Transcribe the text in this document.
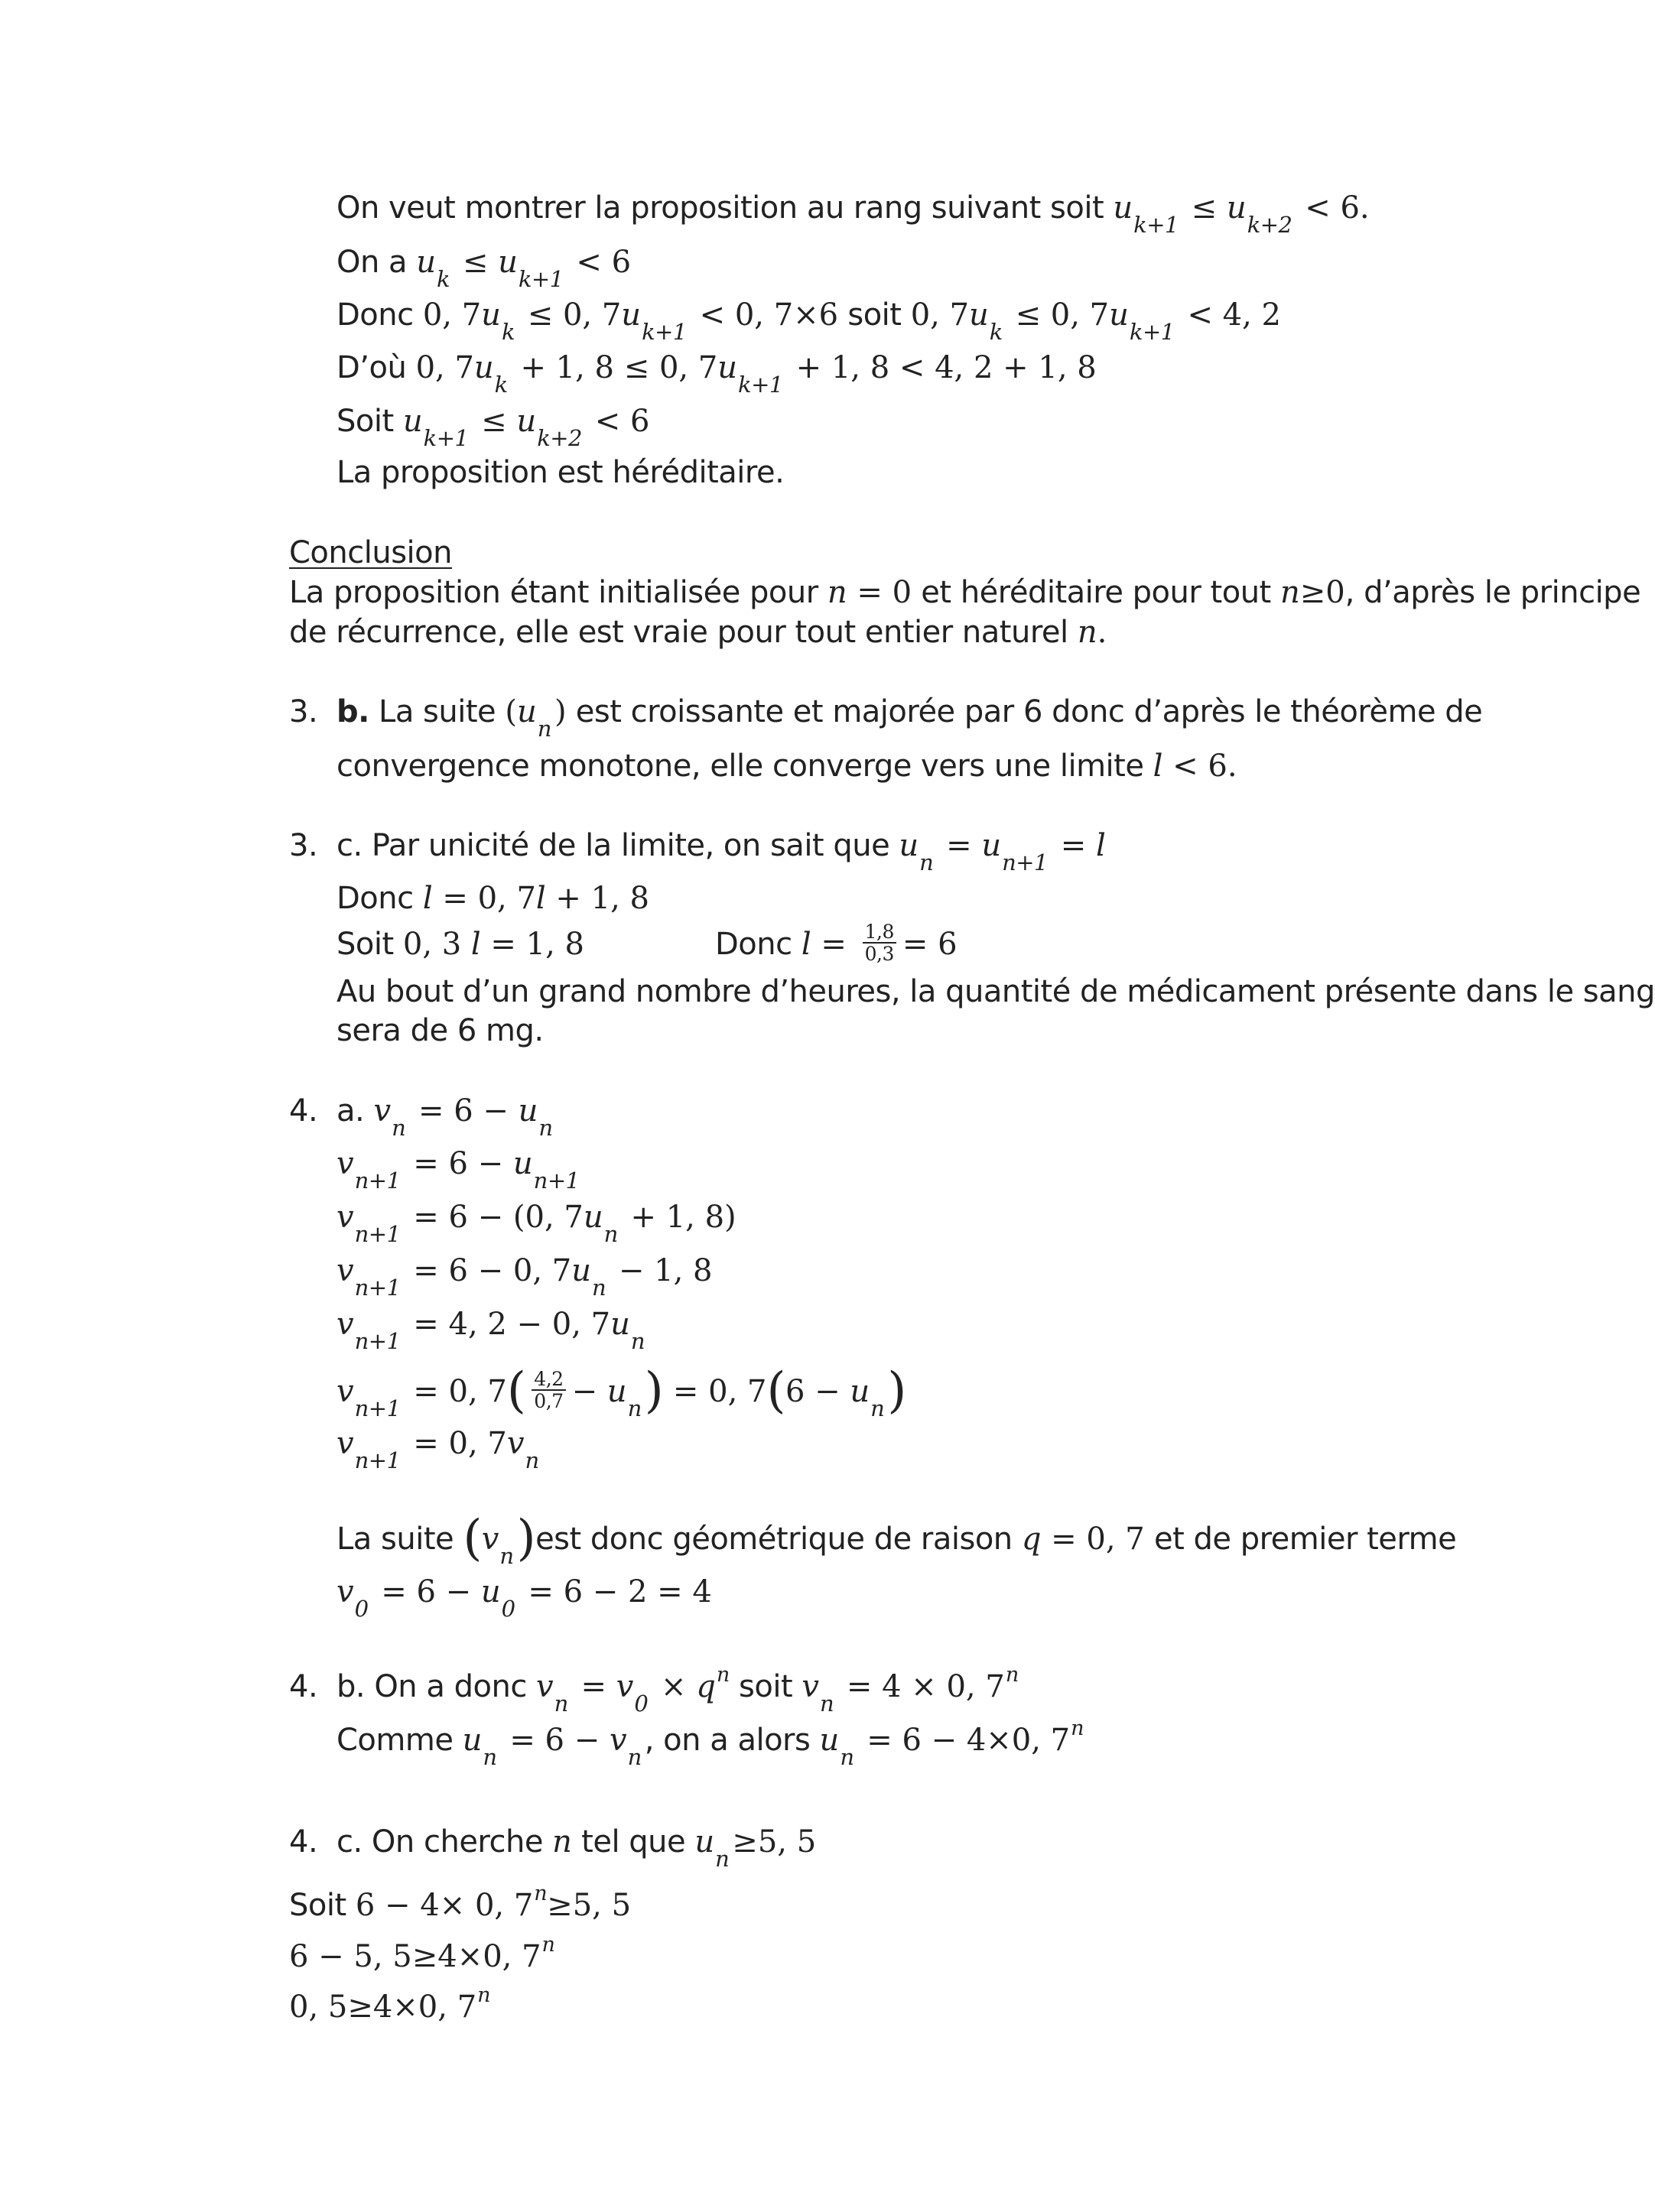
On veut montrer la proposition au rang suivant soit uk+1 ≤ uk+2 < 6.
On a uk ≤ uk+1 < 6
Donc 0, 7uk ≤ 0, 7uk+1 < 0, 7×6 soit 0, 7uk ≤ 0, 7uk+1 < 4, 2
D’où 0, 7uk + 1, 8 ≤ 0, 7uk+1 + 1, 8 < 4, 2 + 1, 8
Soit uk+1 ≤ uk+2 < 6
La proposition est héréditaire.
Conclusion
La proposition étant initialisée pour n = 0 et héréditaire pour tout n≥0, d’après le principe
de récurrence, elle est vraie pour tout entier naturel n.
3. b. La suite (un ) est croissante et majorée par 6 donc d’après le théorème de
convergence monotone, elle converge vers une limite l < 6.
3. c. Par unicité de la limite, on sait que un = un+1 = l
Donc l = 0, 7l + 1, 8
Soit 0, 3 l = 1, 8	Donc $l = \frac{1,8}{0,3} = 6$
Au bout d’un grand nombre d’heures, la quantité de médicament présente dans le sang
sera de 6 mg.
4. a. vn = 6 − un
vn+1 = 6 − un+1
vn+1 = 6 − (0, 7un + 1, 8)
vn+1 = 6 − 0, 7un − 1, 8
vn+1 = 4, 2 − 0, 7un
vn+1 = 0, $7( \frac{4,2}{0,7} - un) = 0$, 7(6 − un)
vn+1 = 0, 7vn
La suite (vn)est donc géométrique de raison q = 0, 7 et de premier terme
v0 = 6 − u0 = 6 − 2 = 4
4. b. On a donc vn = v0 × qn soit vn = 4 × 0, 7n
Comme un = 6 − vn , on a alors un = 6 − 4×0, 7n
4. c. On cherche n tel que un ≥5, 5
Soit 6 − 4× 0, 7n≥5, 5
6 − 5, 5≥4×0, 7n
0, 5≥4×0, 7n
